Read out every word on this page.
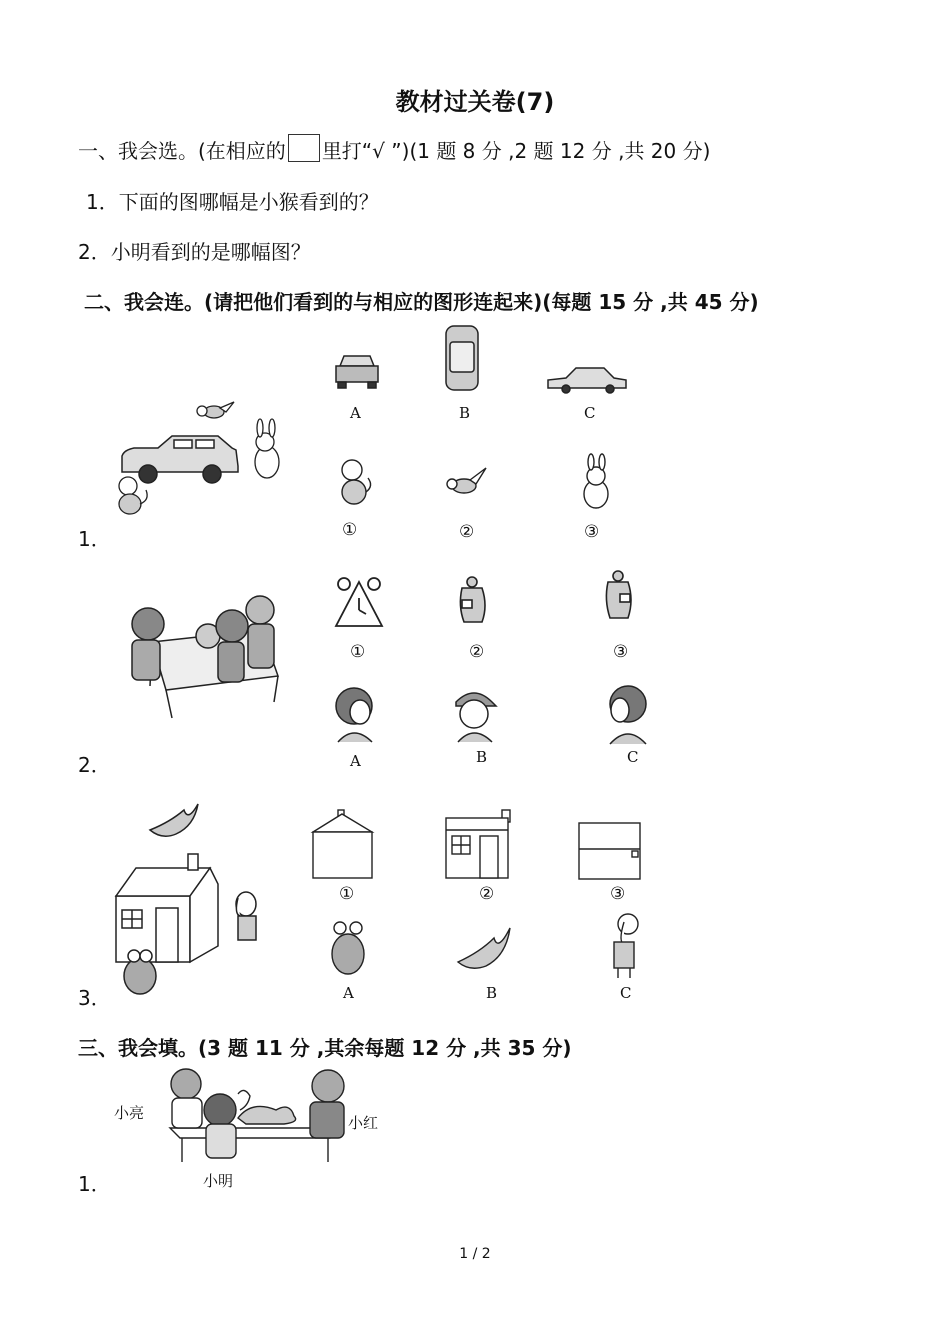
教材过关卷(7)
一、我会选。(在相应的 里打“√ ”)(1 题 8 分 ,2 题 12 分 ,共 20 分)
1．下面的图哪幅是小猴看到的？
2．小明看到的是哪幅图？
二、我会连。(请把他们看到的与相应的图形连起来)(每题 15 分 ,共 45 分)
1．
A	B	C
①	②	③
2．
①	②	③
A	B	C
3．
①	②	③
A	B	C
三、我会填。(3 题 11 分 ,其余每题 12 分 ,共 35 分)
1．
小亮
小红
小明
1 / 2
